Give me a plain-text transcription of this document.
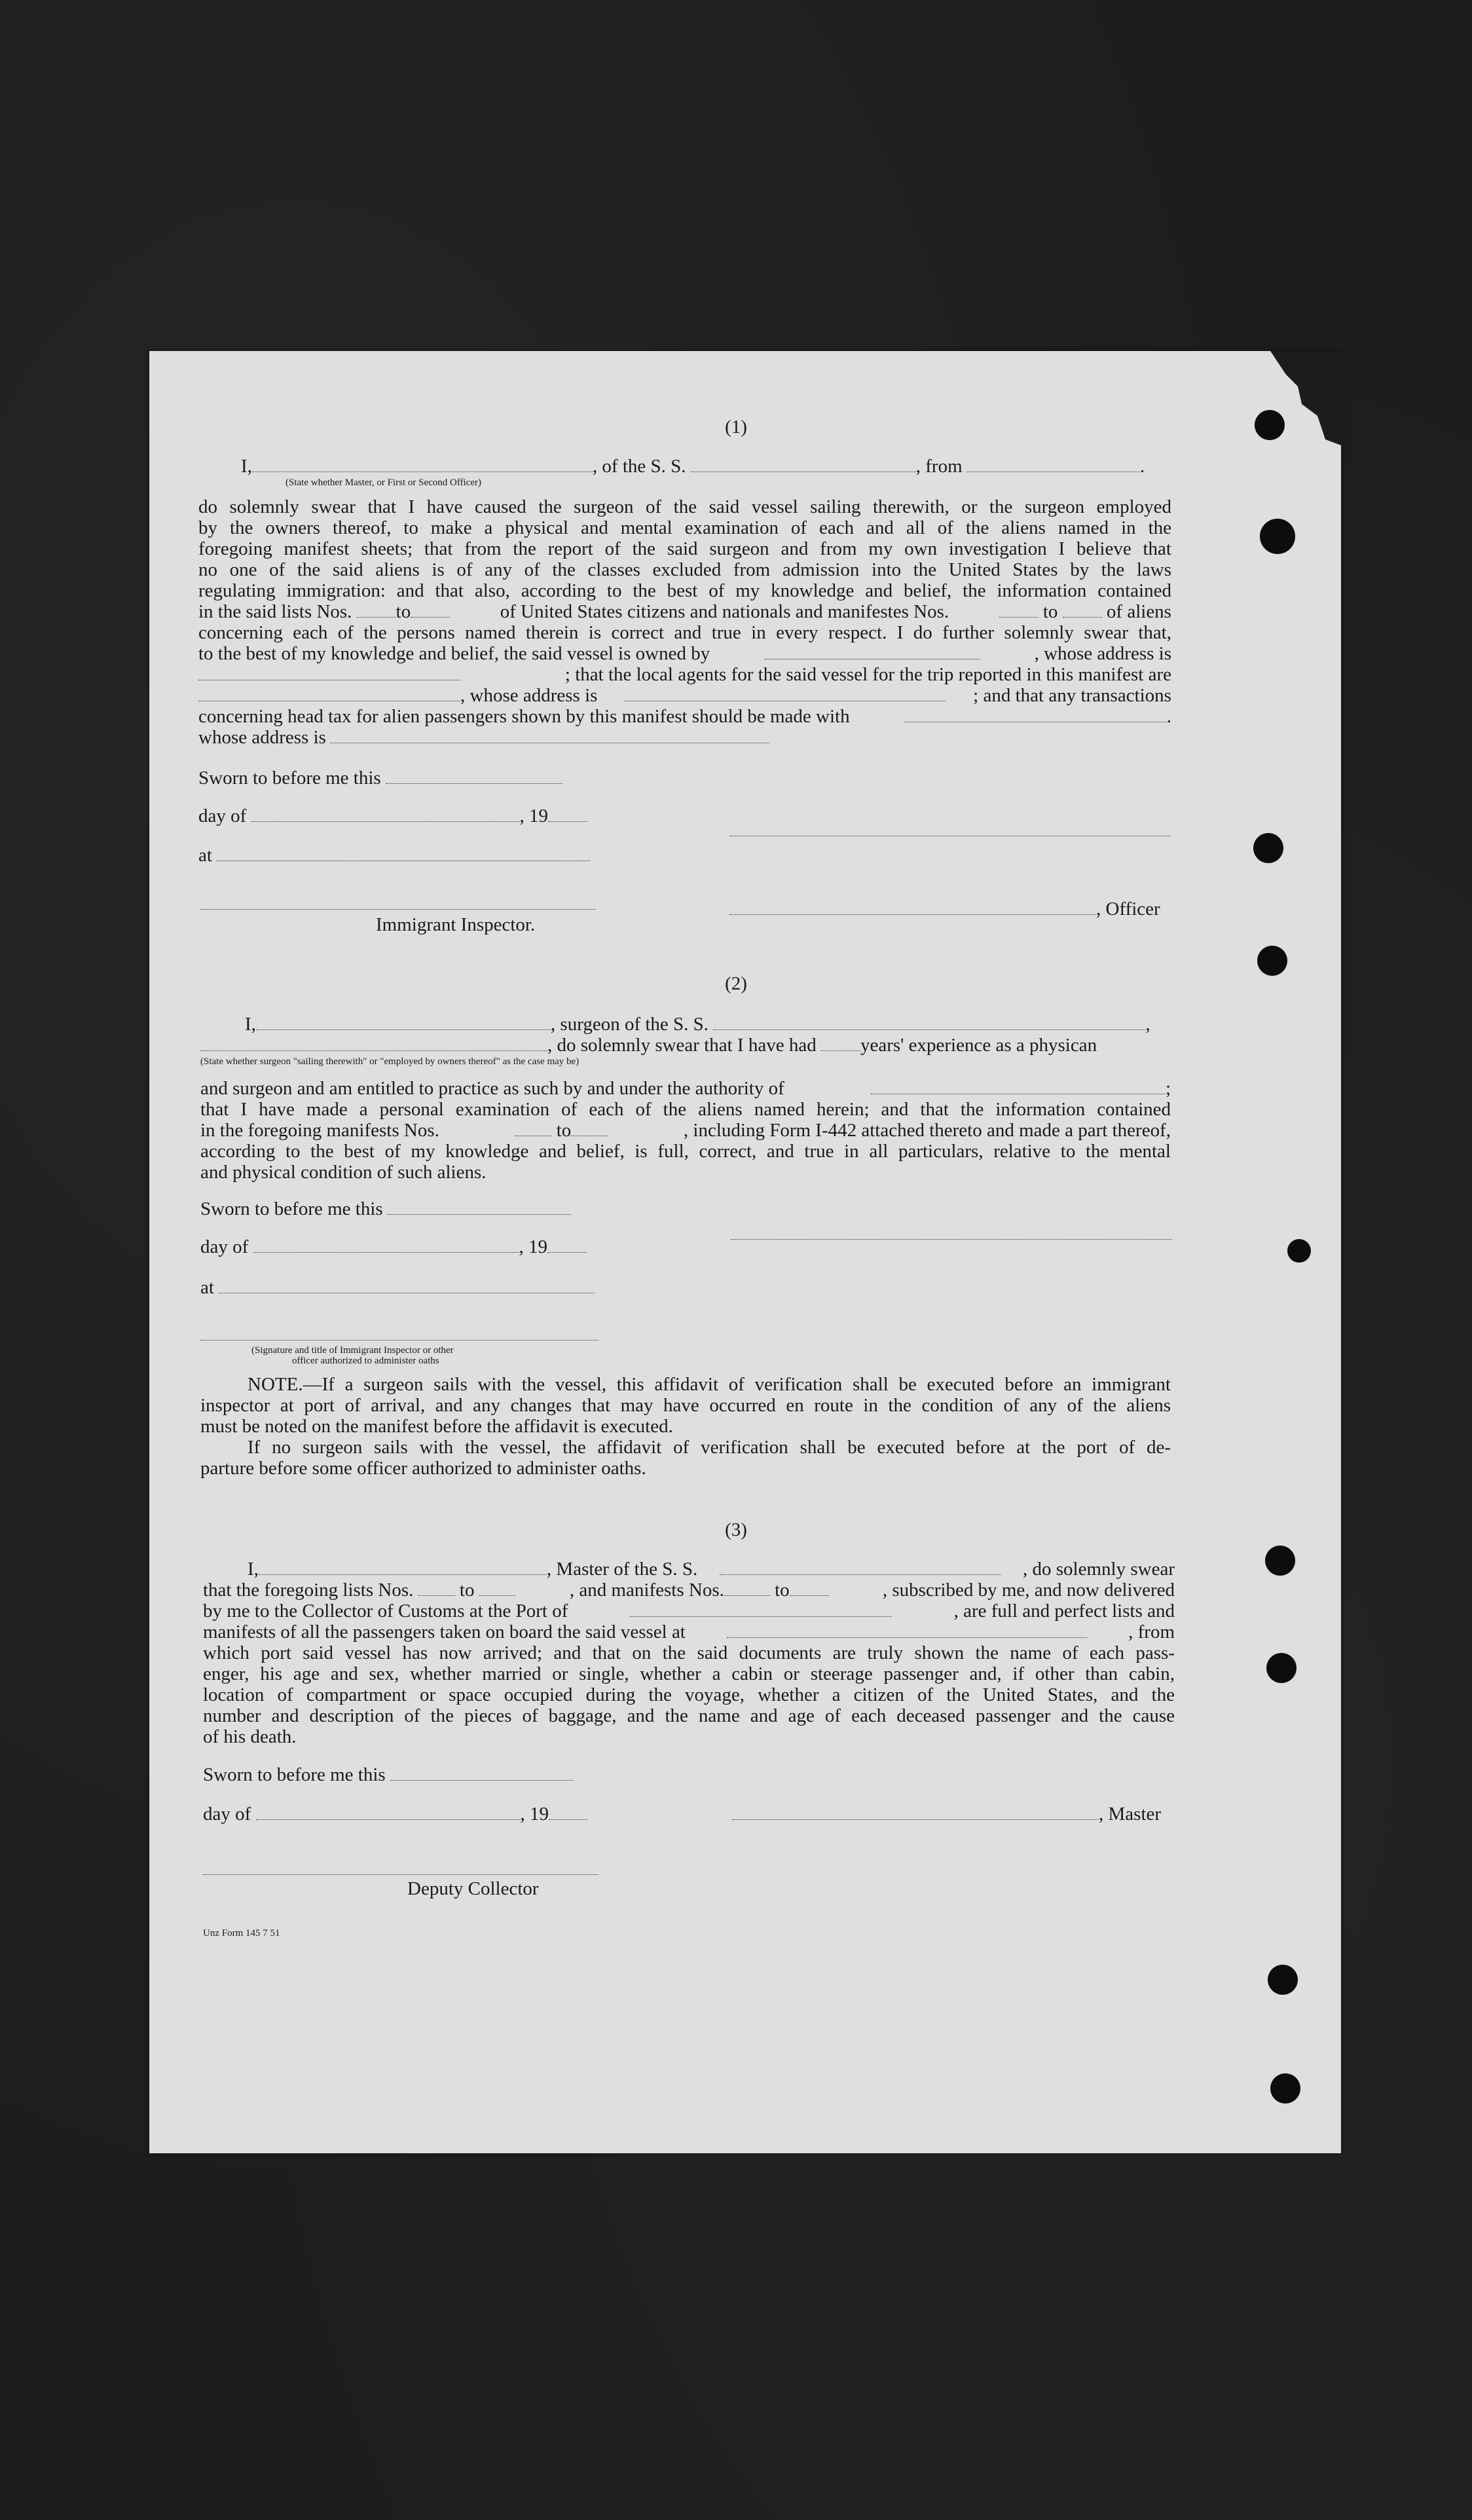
(1)
I,	, of the S. S.	, from	.
(State whether Master, or First or Second Officer)
do solemnly swear that I have caused the surgeon of the said vessel sailing therewith, or the surgeon employed
by the owners thereof, to make a physical and mental examination of each and all of the aliens named in the
foregoing manifest sheets; that from the report of the said surgeon and from my own investigation I believe that
no one of the said aliens is of any of the classes excluded from admission into the United States by the laws
regulating immigration: and that also, according to the best of my knowledge and belief, the information contained
in the said lists Nos. to	of United States citizens and nationals and manifestes Nos.	to	of aliens
concerning each of the persons named therein is correct and true in every respect. I do further solemnly swear that,
to the best of my knowledge and belief, the said vessel is owned by	, whose address is
; that the local agents for the said vessel for the trip reported in this manifest are
, whose address is	; and that any transactions
concerning head tax for alien passengers shown by this manifest should be made with	.
whose address is
Sworn to before me this
day of	, 19
at
, Officer
Immigrant Inspector.
(2)
I,	, surgeon of the S. S.	,
, do solemnly swear that I have had years' experience as a physican
(State whether surgeon "sailing therewith" or "employed by owners thereof" as the case may be)
and surgeon and am entitled to practice as such by and under the authority of	;
that I have made a personal examination of each of the aliens named herein; and that the information contained
in the foregoing manifests Nos.	to	, including Form I-442 attached thereto and made a part thereof,
according to the best of my knowledge and belief, is full, correct, and true in all particulars, relative to the mental
and physical condition of such aliens.
Sworn to before me this
day of	, 19
at
(Signature and title of Immigrant Inspector or other
officer authorized to administer oaths
NOTE.—If a surgeon sails with the vessel, this affidavit of verification shall be executed before an immigrant
inspector at port of arrival, and any changes that may have occurred en route in the condition of any of the aliens
must be noted on the manifest before the affidavit is executed.
If no surgeon sails with the vessel, the affidavit of verification shall be executed before at the port of de-
parture before some officer authorized to administer oaths.
(3)
I,	, Master of the S. S.	, do solemnly swear
that the foregoing lists Nos. to	, and manifests Nos.	to	, subscribed by me, and now delivered
by me to the Collector of Customs at the Port of	, are full and perfect lists and
manifests of all the passengers taken on board the said vessel at	, from
which port said vessel has now arrived; and that on the said documents are truly shown the name of each pass-
enger, his age and sex, whether married or single, whether a cabin or steerage passenger and, if other than cabin,
location of compartment or space occupied during the voyage, whether a citizen of the United States, and the
number and description of the pieces of baggage, and the name and age of each deceased passenger and the cause
of his death.
Sworn to before me this
day of	, 19	, Master
Deputy Collector
Unz Form 145 7 51
